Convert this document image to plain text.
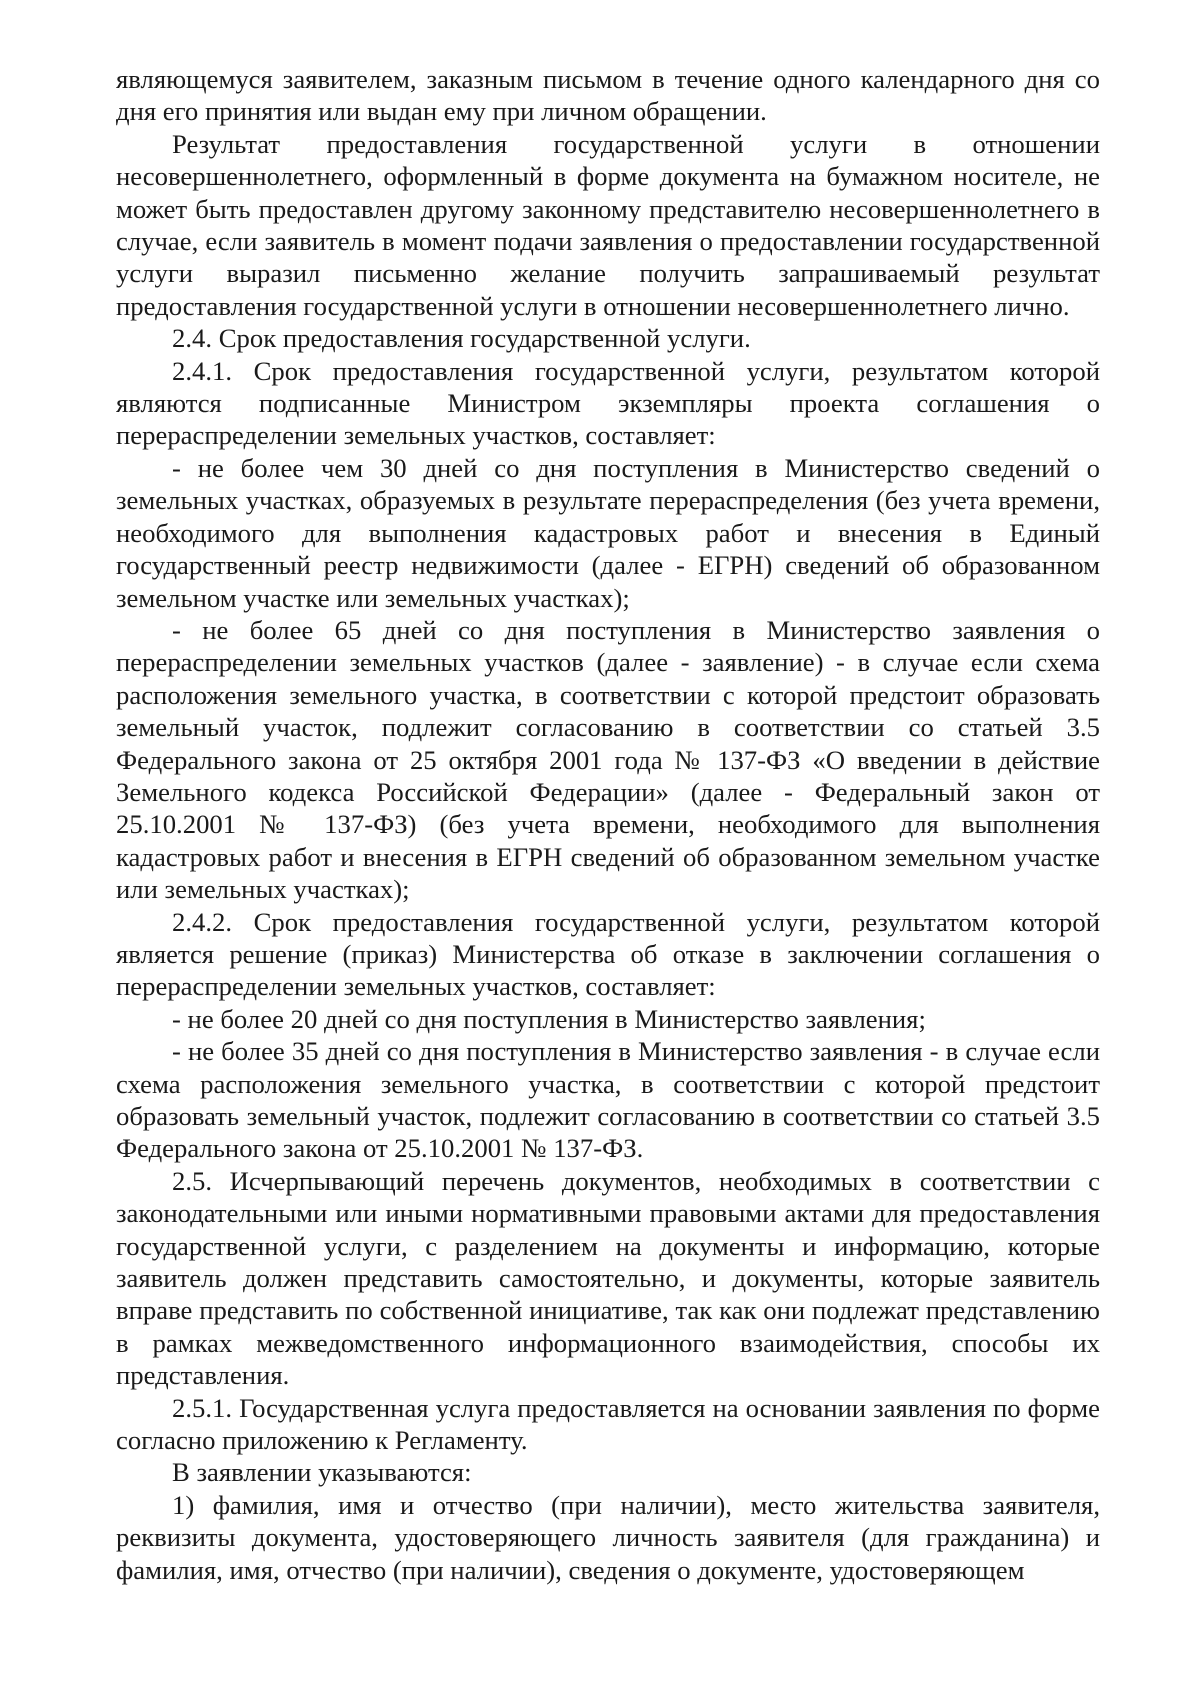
являющемуся заявителем, заказным письмом в течение одного календарного дня со дня его принятия или выдан ему при личном обращении.

Результат предоставления государственной услуги в отношении несовершеннолетнего, оформленный в форме документа на бумажном носителе, не может быть предоставлен другому законному представителю несовершеннолетнего в случае, если заявитель в момент подачи заявления о предоставлении государственной услуги выразил письменно желание получить запрашиваемый результат предоставления государственной услуги в отношении несовершеннолетнего лично.

2.4. Срок предоставления государственной услуги.

2.4.1. Срок предоставления государственной услуги, результатом которой являются подписанные Министром экземпляры проекта соглашения о перераспределении земельных участков, составляет:

- не более чем 30 дней со дня поступления в Министерство сведений о земельных участках, образуемых в результате перераспределения (без учета времени, необходимого для выполнения кадастровых работ и внесения в Единый государственный реестр недвижимости (далее - ЕГРН) сведений об образованном земельном участке или земельных участках);

- не более 65 дней со дня поступления в Министерство заявления о перераспределении земельных участков (далее - заявление) - в случае если схема расположения земельного участка, в соответствии с которой предстоит образовать земельный участок, подлежит согласованию в соответствии со статьей 3.5 Федерального закона от 25 октября 2001 года № 137-ФЗ «О введении в действие Земельного кодекса Российской Федерации» (далее - Федеральный закон от 25.10.2001 № 137-ФЗ) (без учета времени, необходимого для выполнения кадастровых работ и внесения в ЕГРН сведений об образованном земельном участке или земельных участках);

2.4.2. Срок предоставления государственной услуги, результатом которой является решение (приказ) Министерства об отказе в заключении соглашения о перераспределении земельных участков, составляет:

- не более 20 дней со дня поступления в Министерство заявления;

- не более 35 дней со дня поступления в Министерство заявления - в случае если схема расположения земельного участка, в соответствии с которой предстоит образовать земельный участок, подлежит согласованию в соответствии со статьей 3.5 Федерального закона от 25.10.2001 № 137-ФЗ.

2.5. Исчерпывающий перечень документов, необходимых в соответствии с законодательными или иными нормативными правовыми актами для предоставления государственной услуги, с разделением на документы и информацию, которые заявитель должен представить самостоятельно, и документы, которые заявитель вправе представить по собственной инициативе, так как они подлежат представлению в рамках межведомственного информационного взаимодействия, способы их представления.

2.5.1. Государственная услуга предоставляется на основании заявления по форме согласно приложению к Регламенту.

В заявлении указываются:

1) фамилия, имя и отчество (при наличии), место жительства заявителя, реквизиты документа, удостоверяющего личность заявителя (для гражданина) и фамилия, имя, отчество (при наличии), сведения о документе, удостоверяющем
